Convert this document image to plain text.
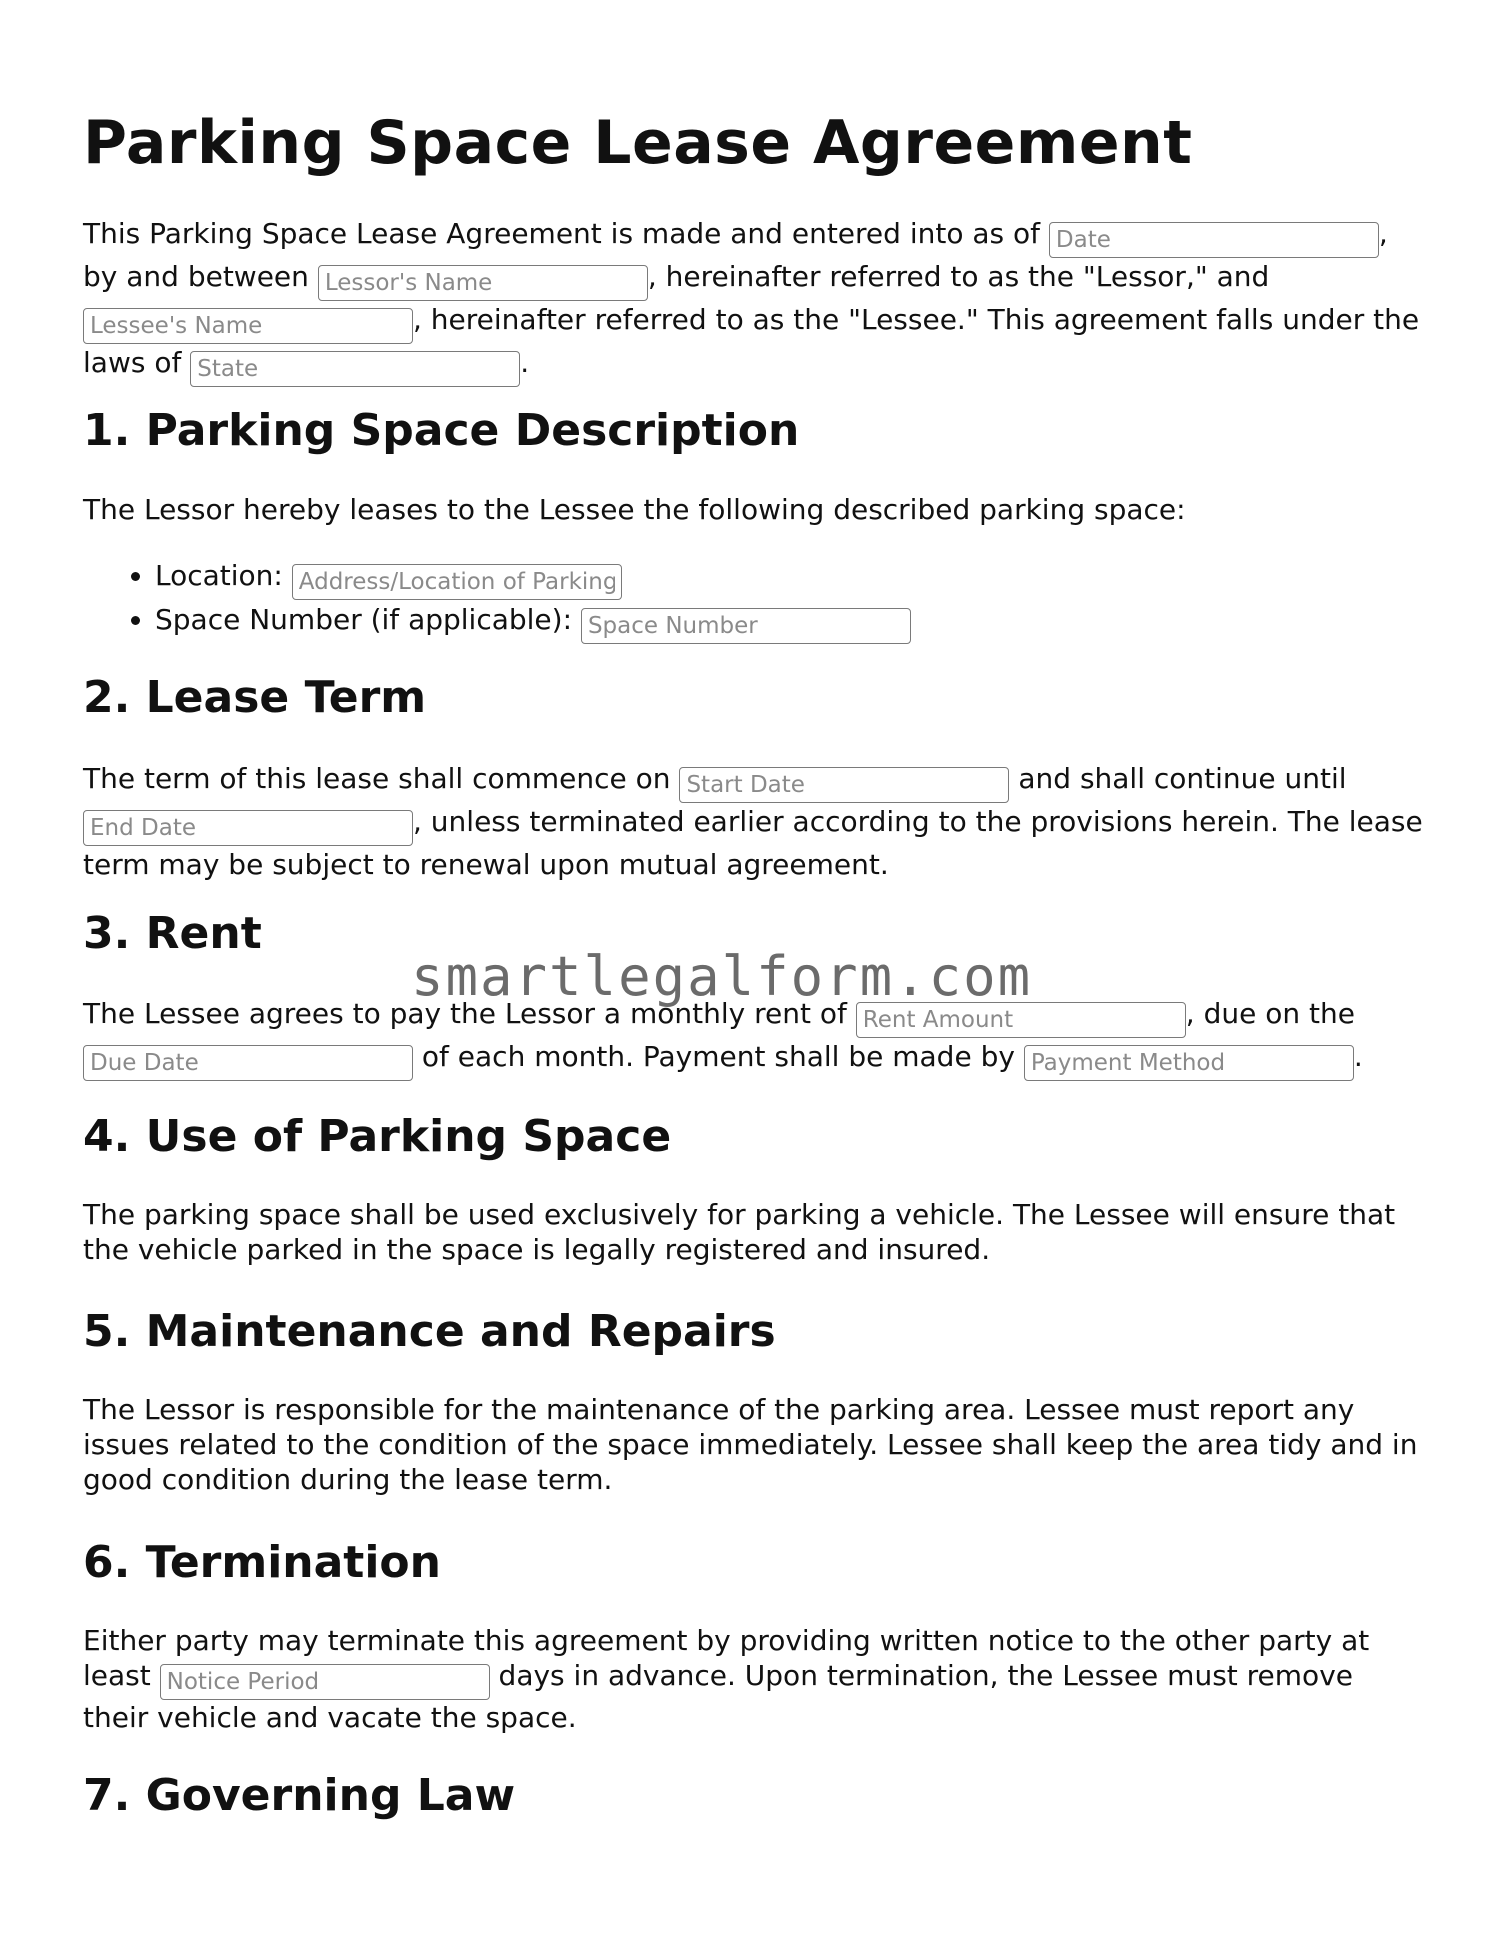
Parking Space Lease Agreement
This Parking Space Lease Agreement is made and entered into as of Date	, by and between Lessor's Name	, hereinafter referred to as the "Lessor," and Lessee's Name, hereinafter referred to as the "Lessee." This agreement falls under the laws of State	.
1. Parking Space Description
The Lessor hereby leases to the Lessee the following described parking space:
• Location: Address/Location of Parking Space
• Space Number (if applicable): Space Number
2. Lease Term
The term of this lease shall commence on Start Date	and shall continue until End Date, unless terminated earlier according to the provisions herein. The lease term may be subject to renewal upon mutual agreement.
3. Rent
The Lessee agrees to pay the Lessor a monthly rent of Rent Amount	, due on the Due Date of each month. Payment shall be made by Payment Method	.
4. Use of Parking Space
The parking space shall be used exclusively for parking a vehicle. The Lessee will ensure that the vehicle parked in the space is legally registered and insured.
5. Maintenance and Repairs
The Lessor is responsible for the maintenance of the parking area. Lessee must report any issues related to the condition of the space immediately. Lessee shall keep the area tidy and in good condition during the lease term.
6. Termination
Either party may terminate this agreement by providing written notice to the other party at least Notice Period	days in advance. Upon termination, the Lessee must remove their vehicle and vacate the space.
7. Governing Law
smartlegalform.com
